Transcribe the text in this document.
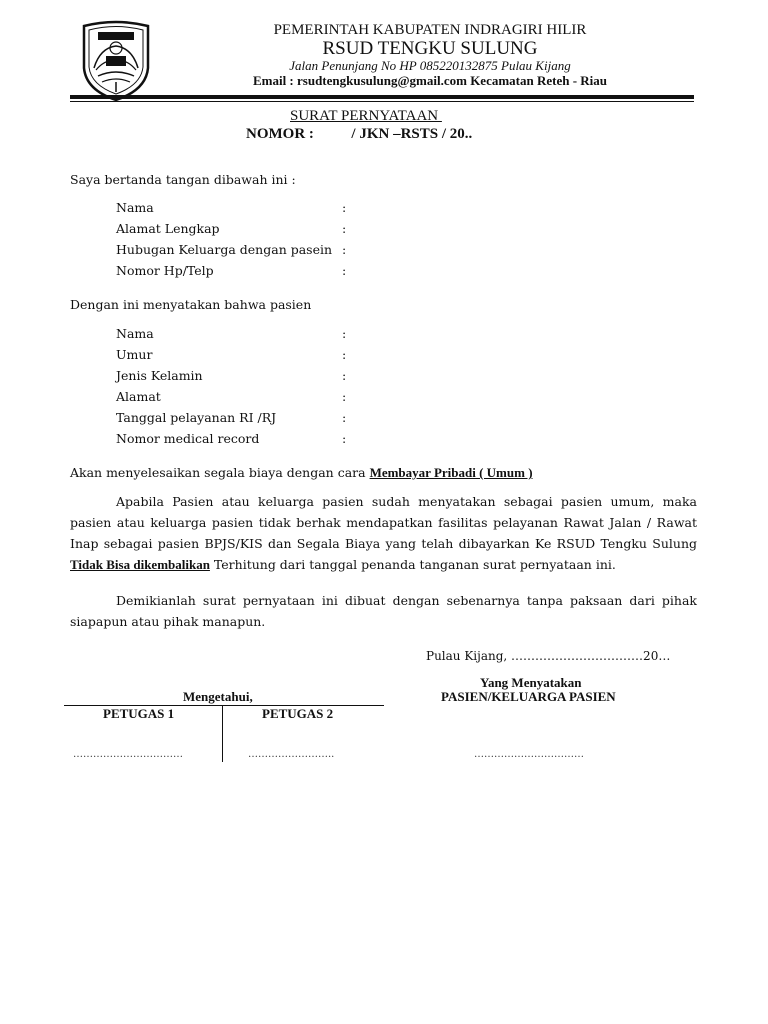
PEMERINTAH KABUPATEN INDRAGIRI HILIR
RSUD TENGKU SULUNG
Jalan Penunjang No HP 085220132875 Pulau Kijang
Email : rsudtengkusulung@gmail.com Kecamatan Reteh - Riau
SURAT PERNYATAAN
NOMOR :          / JKN –RSTS / 20..
Saya bertanda tangan dibawah ini :
Nama	:
Alamat Lengkap	:
Hubugan Keluarga dengan pasein :
Nomor Hp/Telp	:
Dengan ini menyatakan bahwa pasien
Nama	:
Umur	:
Jenis Kelamin	:
Alamat	:
Tanggal pelayanan RI /RJ	:
Nomor medical record	:
Akan menyelesaikan segala biaya dengan cara Membayar Pribadi ( Umum )
Apabila Pasien atau keluarga pasien sudah menyatakan sebagai pasien umum, maka pasien atau keluarga pasien tidak berhak mendapatkan fasilitas pelayanan Rawat Jalan / Rawat Inap sebagai pasien BPJS/KIS dan Segala Biaya yang telah dibayarkan Ke RSUD Tengku Sulung Tidak Bisa dikembalikan Terhitung dari tanggal penanda tanganan surat pernyataan ini.
Demikianlah surat pernyataan ini dibuat dengan sebenarnya tanpa paksaan dari pihak siapapun atau pihak manapun.
Pulau Kijang, ……………………………20…
Yang Menyatakan
PASIEN/KELUARGA PASIEN
Mengetahui,
PETUGAS 1	PETUGAS 2
……………………………	……………………..	……………………………
